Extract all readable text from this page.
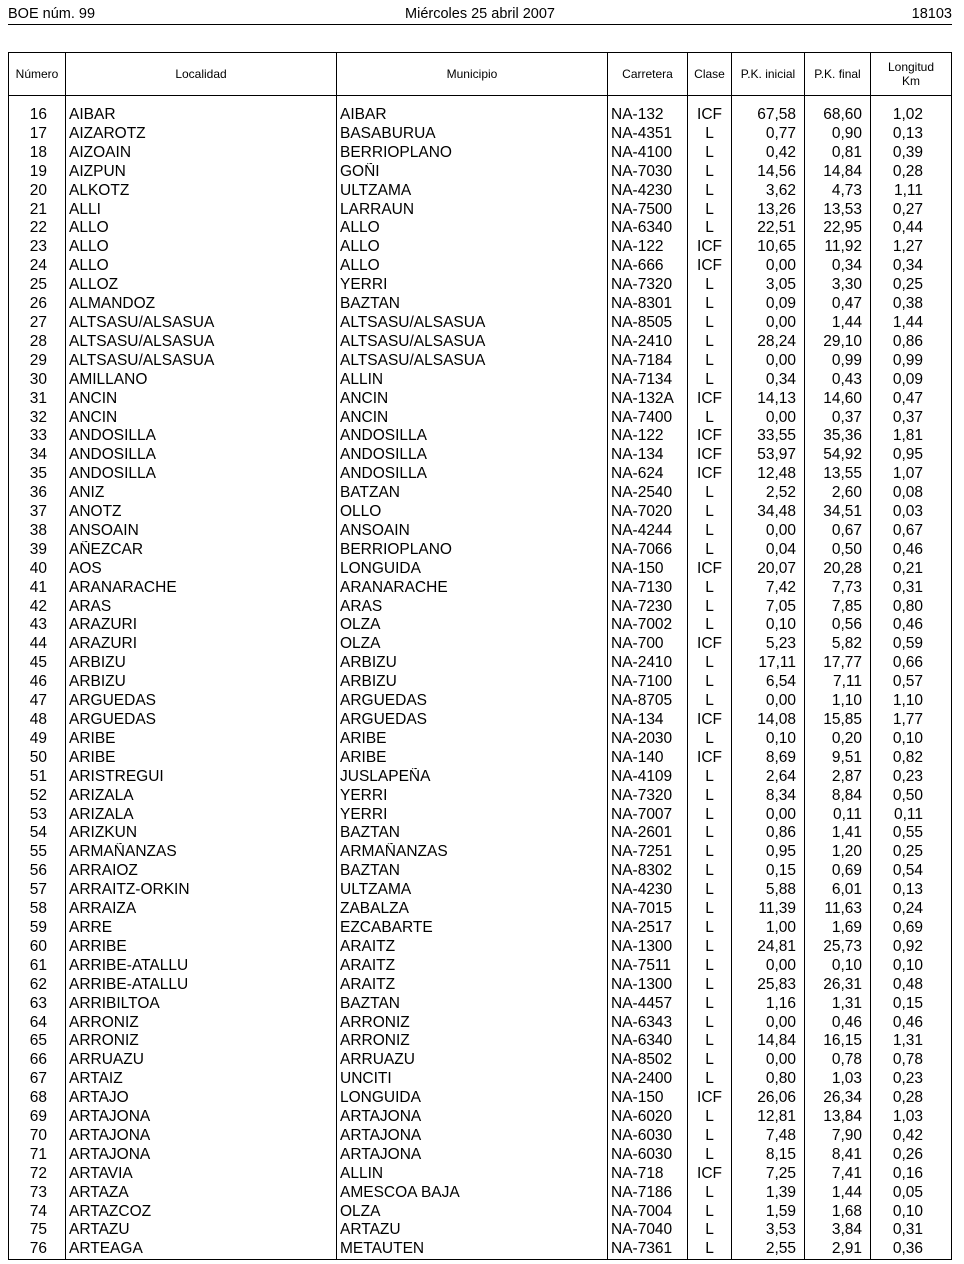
BOE núm. 99	Miércoles 25 abril 2007	18103
Número	Localidad	Municipio	Carretera	Clase	P.K. inicial	P.K. final	Longitud Km

16	AIBAR	AIBAR	NA-132	ICF	67,58	68,60	1,02
17	AIZAROTZ	BASABURUA	NA-4351	L	0,77	0,90	0,13
18	AIZOAIN	BERRIOPLANO	NA-4100	L	0,42	0,81	0,39
19	AIZPUN	GOÑI	NA-7030	L	14,56	14,84	0,28
20	ALKOTZ	ULTZAMA	NA-4230	L	3,62	4,73	1,11
21	ALLI	LARRAUN	NA-7500	L	13,26	13,53	0,27
22	ALLO	ALLO	NA-6340	L	22,51	22,95	0,44
23	ALLO	ALLO	NA-122	ICF	10,65	11,92	1,27
24	ALLO	ALLO	NA-666	ICF	0,00	0,34	0,34
25	ALLOZ	YERRI	NA-7320	L	3,05	3,30	0,25
26	ALMANDOZ	BAZTAN	NA-8301	L	0,09	0,47	0,38
27	ALTSASU/ALSASUA	ALTSASU/ALSASUA	NA-8505	L	0,00	1,44	1,44
28	ALTSASU/ALSASUA	ALTSASU/ALSASUA	NA-2410	L	28,24	29,10	0,86
29	ALTSASU/ALSASUA	ALTSASU/ALSASUA	NA-7184	L	0,00	0,99	0,99
30	AMILLANO	ALLIN	NA-7134	L	0,34	0,43	0,09
31	ANCIN	ANCIN	NA-132A	ICF	14,13	14,60	0,47
32	ANCIN	ANCIN	NA-7400	L	0,00	0,37	0,37
33	ANDOSILLA	ANDOSILLA	NA-122	ICF	33,55	35,36	1,81
34	ANDOSILLA	ANDOSILLA	NA-134	ICF	53,97	54,92	0,95
35	ANDOSILLA	ANDOSILLA	NA-624	ICF	12,48	13,55	1,07
36	ANIZ	BATZAN	NA-2540	L	2,52	2,60	0,08
37	ANOTZ	OLLO	NA-7020	L	34,48	34,51	0,03
38	ANSOAIN	ANSOAIN	NA-4244	L	0,00	0,67	0,67
39	AÑEZCAR	BERRIOPLANO	NA-7066	L	0,04	0,50	0,46
40	AOS	LONGUIDA	NA-150	ICF	20,07	20,28	0,21
41	ARANARACHE	ARANARACHE	NA-7130	L	7,42	7,73	0,31
42	ARAS	ARAS	NA-7230	L	7,05	7,85	0,80
43	ARAZURI	OLZA	NA-7002	L	0,10	0,56	0,46
44	ARAZURI	OLZA	NA-700	ICF	5,23	5,82	0,59
45	ARBIZU	ARBIZU	NA-2410	L	17,11	17,77	0,66
46	ARBIZU	ARBIZU	NA-7100	L	6,54	7,11	0,57
47	ARGUEDAS	ARGUEDAS	NA-8705	L	0,00	1,10	1,10
48	ARGUEDAS	ARGUEDAS	NA-134	ICF	14,08	15,85	1,77
49	ARIBE	ARIBE	NA-2030	L	0,10	0,20	0,10
50	ARIBE	ARIBE	NA-140	ICF	8,69	9,51	0,82
51	ARISTREGUI	JUSLAPEÑA	NA-4109	L	2,64	2,87	0,23
52	ARIZALA	YERRI	NA-7320	L	8,34	8,84	0,50
53	ARIZALA	YERRI	NA-7007	L	0,00	0,11	0,11
54	ARIZKUN	BAZTAN	NA-2601	L	0,86	1,41	0,55
55	ARMAÑANZAS	ARMAÑANZAS	NA-7251	L	0,95	1,20	0,25
56	ARRAIOZ	BAZTAN	NA-8302	L	0,15	0,69	0,54
57	ARRAITZ-ORKIN	ULTZAMA	NA-4230	L	5,88	6,01	0,13
58	ARRAIZA	ZABALZA	NA-7015	L	11,39	11,63	0,24
59	ARRE	EZCABARTE	NA-2517	L	1,00	1,69	0,69
60	ARRIBE	ARAITZ	NA-1300	L	24,81	25,73	0,92
61	ARRIBE-ATALLU	ARAITZ	NA-7511	L	0,00	0,10	0,10
62	ARRIBE-ATALLU	ARAITZ	NA-1300	L	25,83	26,31	0,48
63	ARRIBILTOA	BAZTAN	NA-4457	L	1,16	1,31	0,15
64	ARRONIZ	ARRONIZ	NA-6343	L	0,00	0,46	0,46
65	ARRONIZ	ARRONIZ	NA-6340	L	14,84	16,15	1,31
66	ARRUAZU	ARRUAZU	NA-8502	L	0,00	0,78	0,78
67	ARTAIZ	UNCITI	NA-2400	L	0,80	1,03	0,23
68	ARTAJO	LONGUIDA	NA-150	ICF	26,06	26,34	0,28
69	ARTAJONA	ARTAJONA	NA-6020	L	12,81	13,84	1,03
70	ARTAJONA	ARTAJONA	NA-6030	L	7,48	7,90	0,42
71	ARTAJONA	ARTAJONA	NA-6030	L	8,15	8,41	0,26
72	ARTAVIA	ALLIN	NA-718	ICF	7,25	7,41	0,16
73	ARTAZA	AMESCOA BAJA	NA-7186	L	1,39	1,44	0,05
74	ARTAZCOZ	OLZA	NA-7004	L	1,59	1,68	0,10
75	ARTAZU	ARTAZU	NA-7040	L	3,53	3,84	0,31
76	ARTEAGA	METAUTEN	NA-7361	L	2,55	2,91	0,36
